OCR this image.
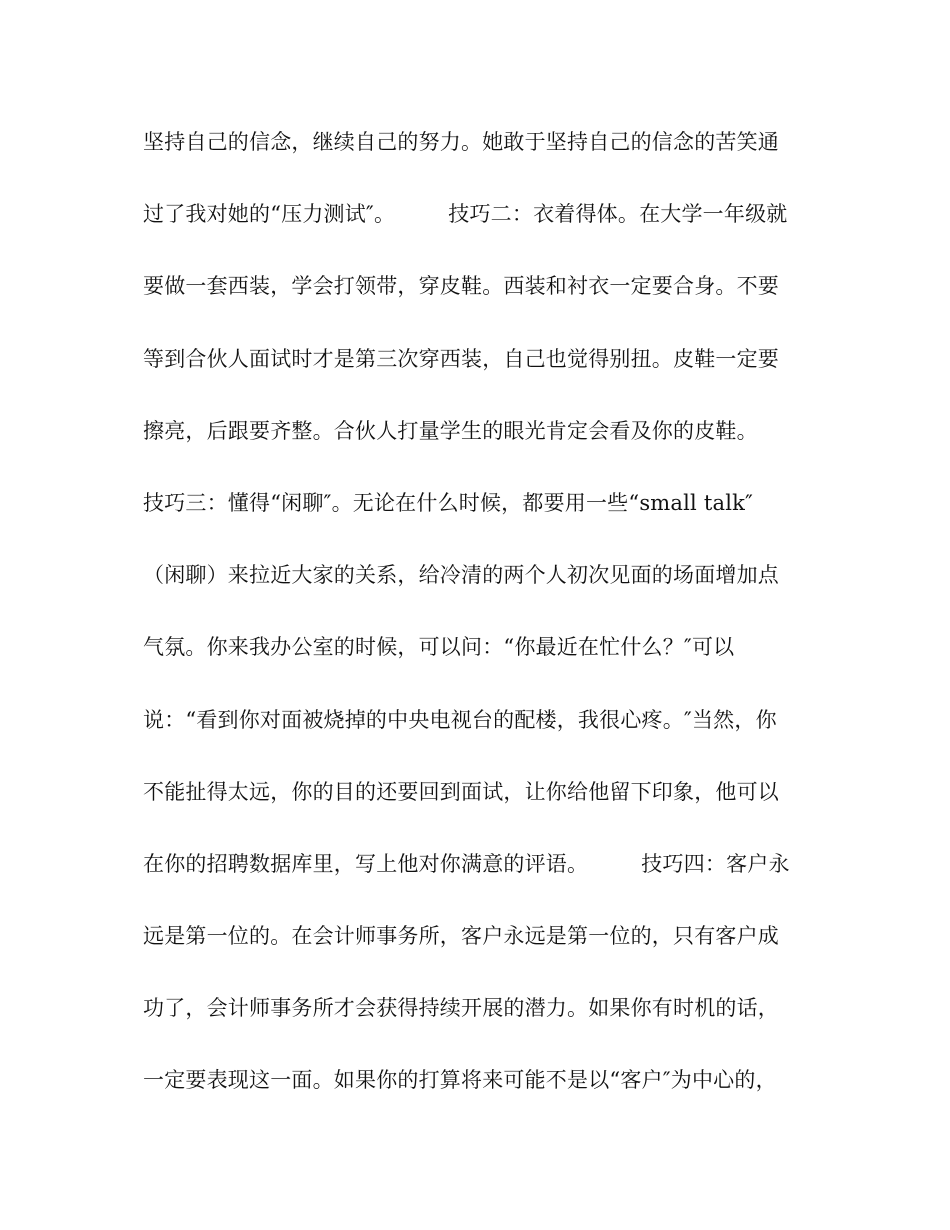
坚持自己的信念，继续自己的努力。她敢于坚持自己的信念的苦笑通
过了我对她的“压力测试″。　　　技巧二：衣着得体。在大学一年级就
要做一套西装，学会打领带，穿皮鞋。西装和衬衣一定要合身。不要
等到合伙人面试时才是第三次穿西装，自己也觉得别扭。皮鞋一定要
擦亮，后跟要齐整。合伙人打量学生的眼光肯定会看及你的皮鞋。
技巧三：懂得“闲聊″。无论在什么时候，都要用一些“small talk″
（闲聊）来拉近大家的关系，给冷清的两个人初次见面的场面增加点
气氛。你来我办公室的时候，可以问：“你最近在忙什么？″可以
说：“看到你对面被烧掉的中央电视台的配楼，我很心疼。″当然，你
不能扯得太远，你的目的还要回到面试，让你给他留下印象，他可以
在你的招聘数据库里，写上他对你满意的评语。　　　技巧四：客户永
远是第一位的。在会计师事务所，客户永远是第一位的，只有客户成
功了，会计师事务所才会获得持续开展的潜力。如果你有时机的话，
一定要表现这一面。如果你的打算将来可能不是以“客户″为中心的，
